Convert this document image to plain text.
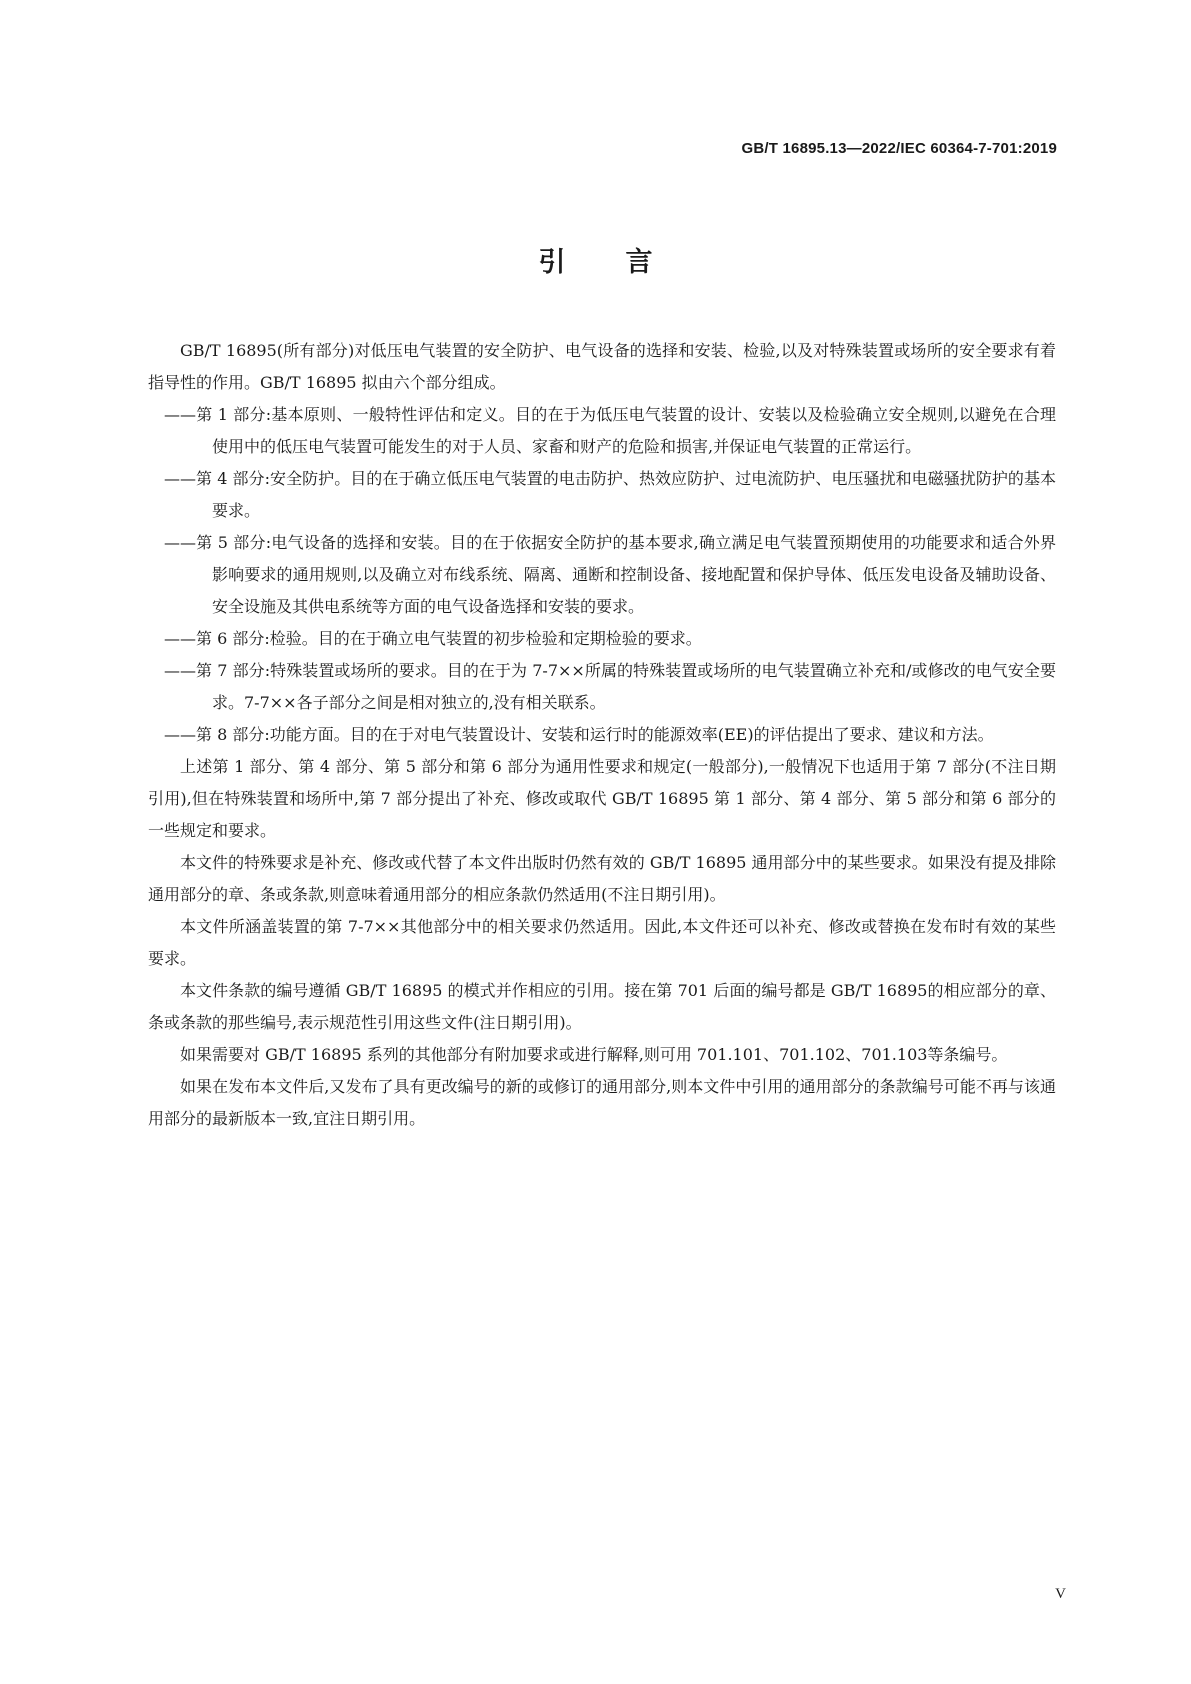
GB/T 16895.13—2022/IEC 60364-7-701:2019
引言

GB/T 16895(所有部分)对低压电气装置的安全防护、电气设备的选择和安装、检验,以及对特殊装置或场所的安全要求有着指导性的作用。GB/T 16895 拟由六个部分组成。

——第 1 部分:基本原则、一般特性评估和定义。目的在于为低压电气装置的设计、安装以及检验确立安全规则,以避免在合理使用中的低压电气装置可能发生的对于人员、家畜和财产的危险和损害,并保证电气装置的正常运行。

——第 4 部分:安全防护。目的在于确立低压电气装置的电击防护、热效应防护、过电流防护、电压骚扰和电磁骚扰防护的基本要求。

——第 5 部分:电气设备的选择和安装。目的在于依据安全防护的基本要求,确立满足电气装置预期使用的功能要求和适合外界影响要求的通用规则,以及确立对布线系统、隔离、通断和控制设备、接地配置和保护导体、低压发电设备及辅助设备、安全设施及其供电系统等方面的电气设备选择和安装的要求。

——第 6 部分:检验。目的在于确立电气装置的初步检验和定期检验的要求。

——第 7 部分:特殊装置或场所的要求。目的在于为 7-7××所属的特殊装置或场所的电气装置确立补充和/或修改的电气安全要求。7-7××各子部分之间是相对独立的,没有相关联系。

——第 8 部分:功能方面。目的在于对电气装置设计、安装和运行时的能源效率(EE)的评估提出了要求、建议和方法。

上述第 1 部分、第 4 部分、第 5 部分和第 6 部分为通用性要求和规定(一般部分),一般情况下也适用于第 7 部分(不注日期引用),但在特殊装置和场所中,第 7 部分提出了补充、修改或取代 GB/T 16895 第 1 部分、第 4 部分、第 5 部分和第 6 部分的一些规定和要求。

本文件的特殊要求是补充、修改或代替了本文件出版时仍然有效的 GB/T 16895 通用部分中的某些要求。如果没有提及排除通用部分的章、条或条款,则意味着通用部分的相应条款仍然适用(不注日期引用)。

本文件所涵盖装置的第 7-7××其他部分中的相关要求仍然适用。因此,本文件还可以补充、修改或替换在发布时有效的某些要求。

本文件条款的编号遵循 GB/T 16895 的模式并作相应的引用。接在第 701 后面的编号都是 GB/T 16895的相应部分的章、条或条款的那些编号,表示规范性引用这些文件(注日期引用)。

如果需要对 GB/T 16895 系列的其他部分有附加要求或进行解释,则可用 701.101、701.102、701.103等条编号。

如果在发布本文件后,又发布了具有更改编号的新的或修订的通用部分,则本文件中引用的通用部分的条款编号可能不再与该通用部分的最新版本一致,宜注日期引用。

V
